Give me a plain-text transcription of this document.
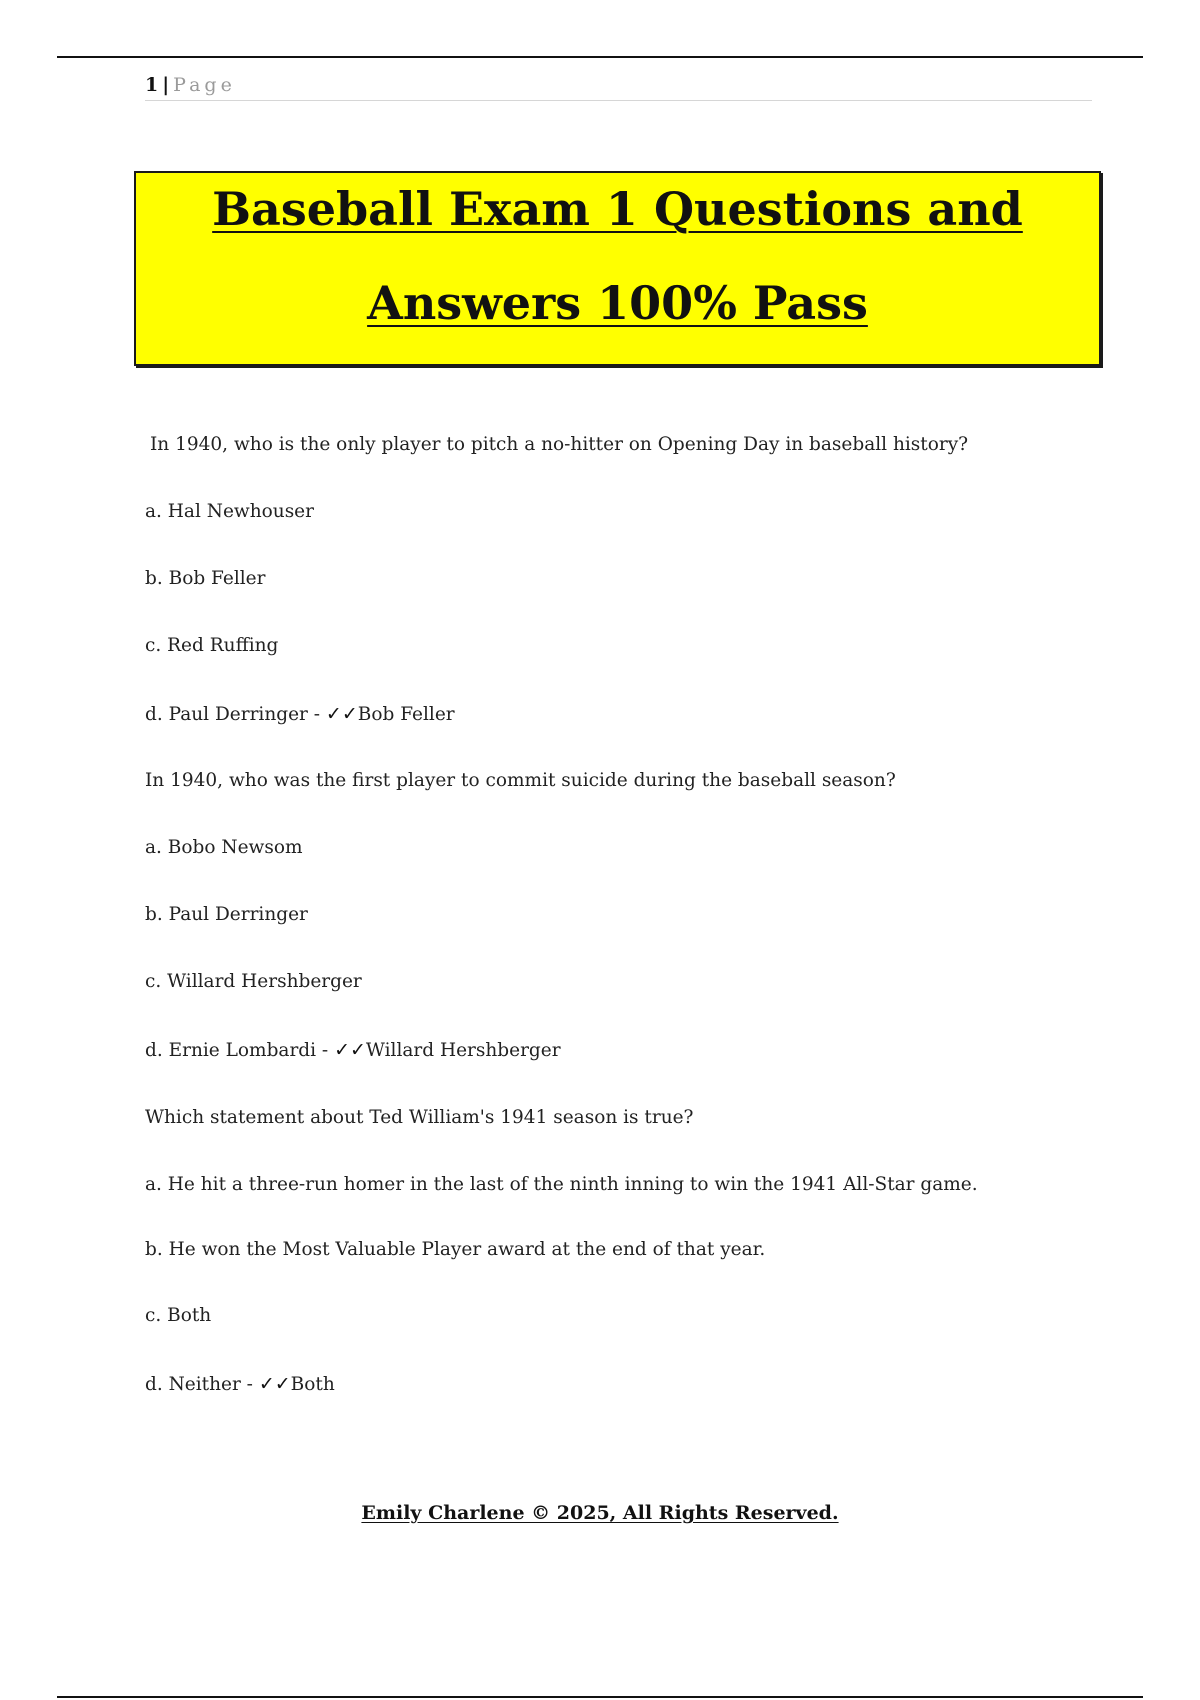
1 | Page
Baseball Exam 1 Questions and
Answers 100% Pass
In 1940, who is the only player to pitch a no-hitter on Opening Day in baseball history?
a. Hal Newhouser
b. Bob Feller
c. Red Ruffing
d. Paul Derringer - ✓✓Bob Feller
In 1940, who was the first player to commit suicide during the baseball season?
a. Bobo Newsom
b. Paul Derringer
c. Willard Hershberger
d. Ernie Lombardi - ✓✓Willard Hershberger
Which statement about Ted William's 1941 season is true?
a. He hit a three-run homer in the last of the ninth inning to win the 1941 All-Star game.
b. He won the Most Valuable Player award at the end of that year.
c. Both
d. Neither - ✓✓Both
Emily Charlene © 2025, All Rights Reserved.
